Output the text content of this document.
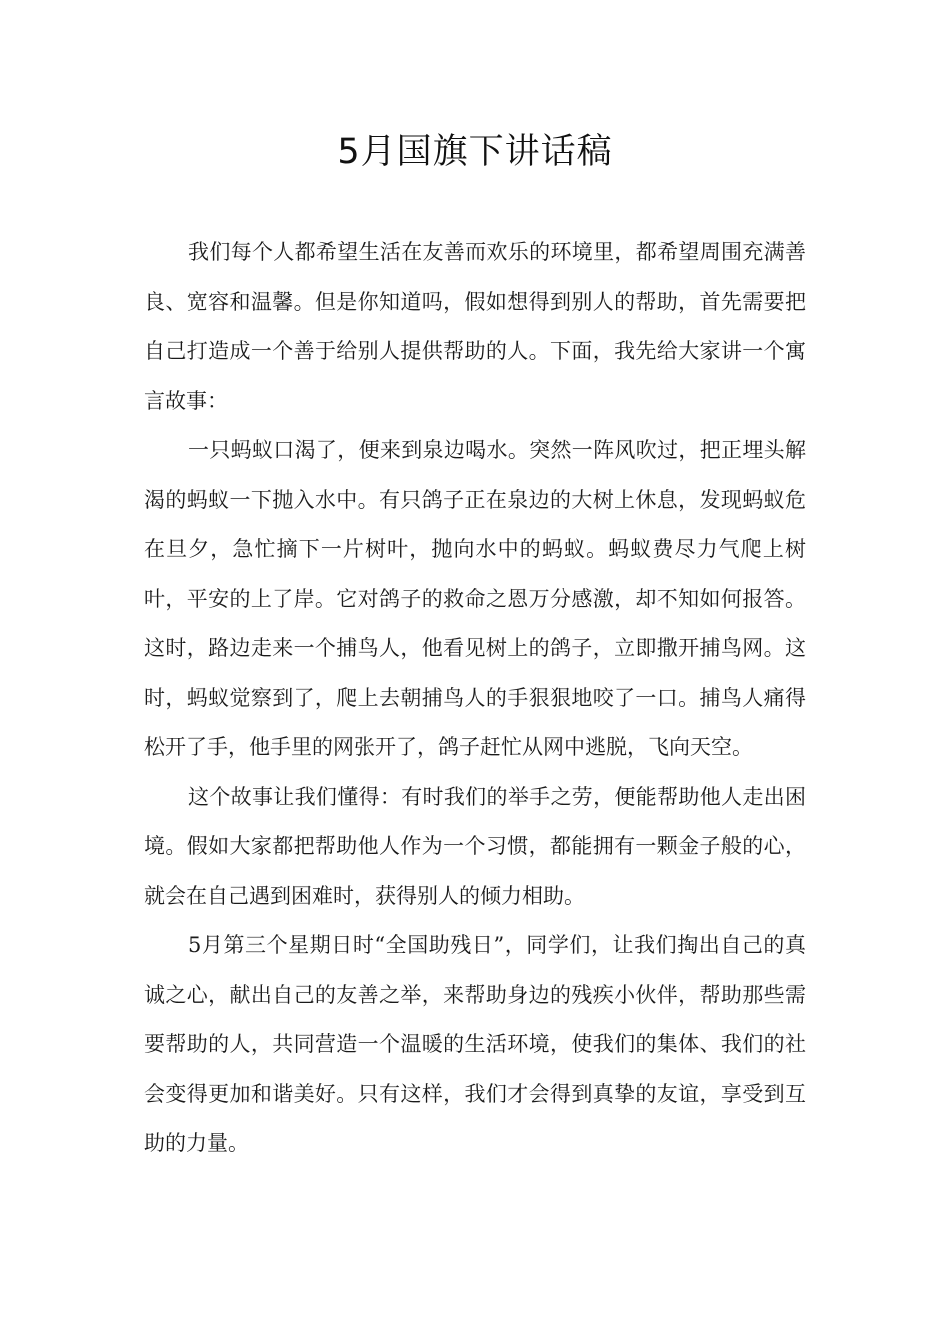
5月国旗下讲话稿

我们每个人都希望生活在友善而欢乐的环境里，都希望周围充满善良、宽容和温馨。但是你知道吗，假如想得到别人的帮助，首先需要把自己打造成一个善于给别人提供帮助的人。下面，我先给大家讲一个寓言故事：

一只蚂蚁口渴了，便来到泉边喝水。突然一阵风吹过，把正埋头解渴的蚂蚁一下抛入水中。有只鸽子正在泉边的大树上休息，发现蚂蚁危在旦夕，急忙摘下一片树叶，抛向水中的蚂蚁。蚂蚁费尽力气爬上树叶，平安的上了岸。它对鸽子的救命之恩万分感激，却不知如何报答。这时，路边走来一个捕鸟人，他看见树上的鸽子，立即撒开捕鸟网。这时，蚂蚁觉察到了，爬上去朝捕鸟人的手狠狠地咬了一口。捕鸟人痛得松开了手，他手里的网张开了，鸽子赶忙从网中逃脱，飞向天空。

这个故事让我们懂得：有时我们的举手之劳，便能帮助他人走出困境。假如大家都把帮助他人作为一个习惯，都能拥有一颗金子般的心，就会在自己遇到困难时，获得别人的倾力相助。

5月第三个星期日时“全国助残日”，同学们，让我们掏出自己的真诚之心，献出自己的友善之举，来帮助身边的残疾小伙伴，帮助那些需要帮助的人，共同营造一个温暖的生活环境，使我们的集体、我们的社会变得更加和谐美好。只有这样，我们才会得到真挚的友谊，享受到互助的力量。
